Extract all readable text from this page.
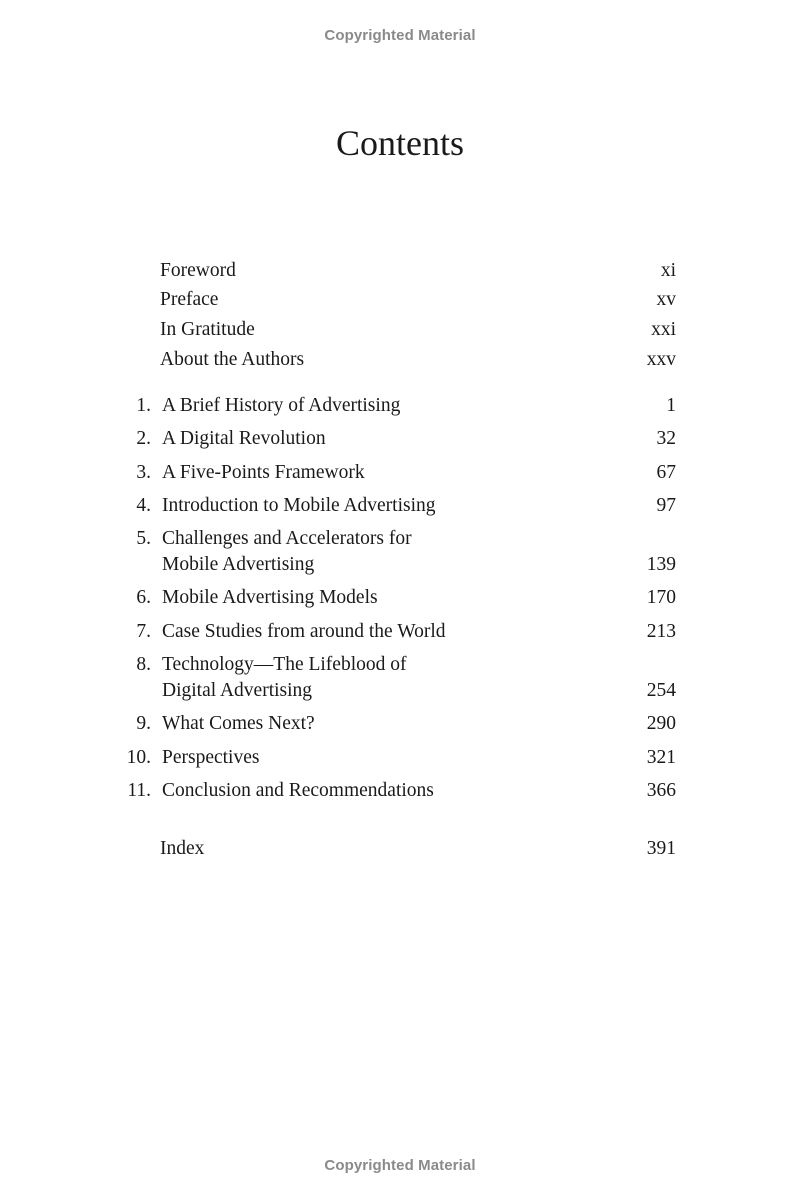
Copyrighted Material
Contents
Foreword	xi
Preface	xv
In Gratitude	xxi
About the Authors	xxv
1. A Brief History of Advertising	1
2. A Digital Revolution	32
3. A Five-Points Framework	67
4. Introduction to Mobile Advertising	97
5. Challenges and Accelerators for
Mobile Advertising	139
6. Mobile Advertising Models	170
7. Case Studies from around the World	213
8. Technology—The Lifeblood of
Digital Advertising	254
9. What Comes Next?	290
10. Perspectives	321
11. Conclusion and Recommendations	366
Index	391
Copyrighted Material
